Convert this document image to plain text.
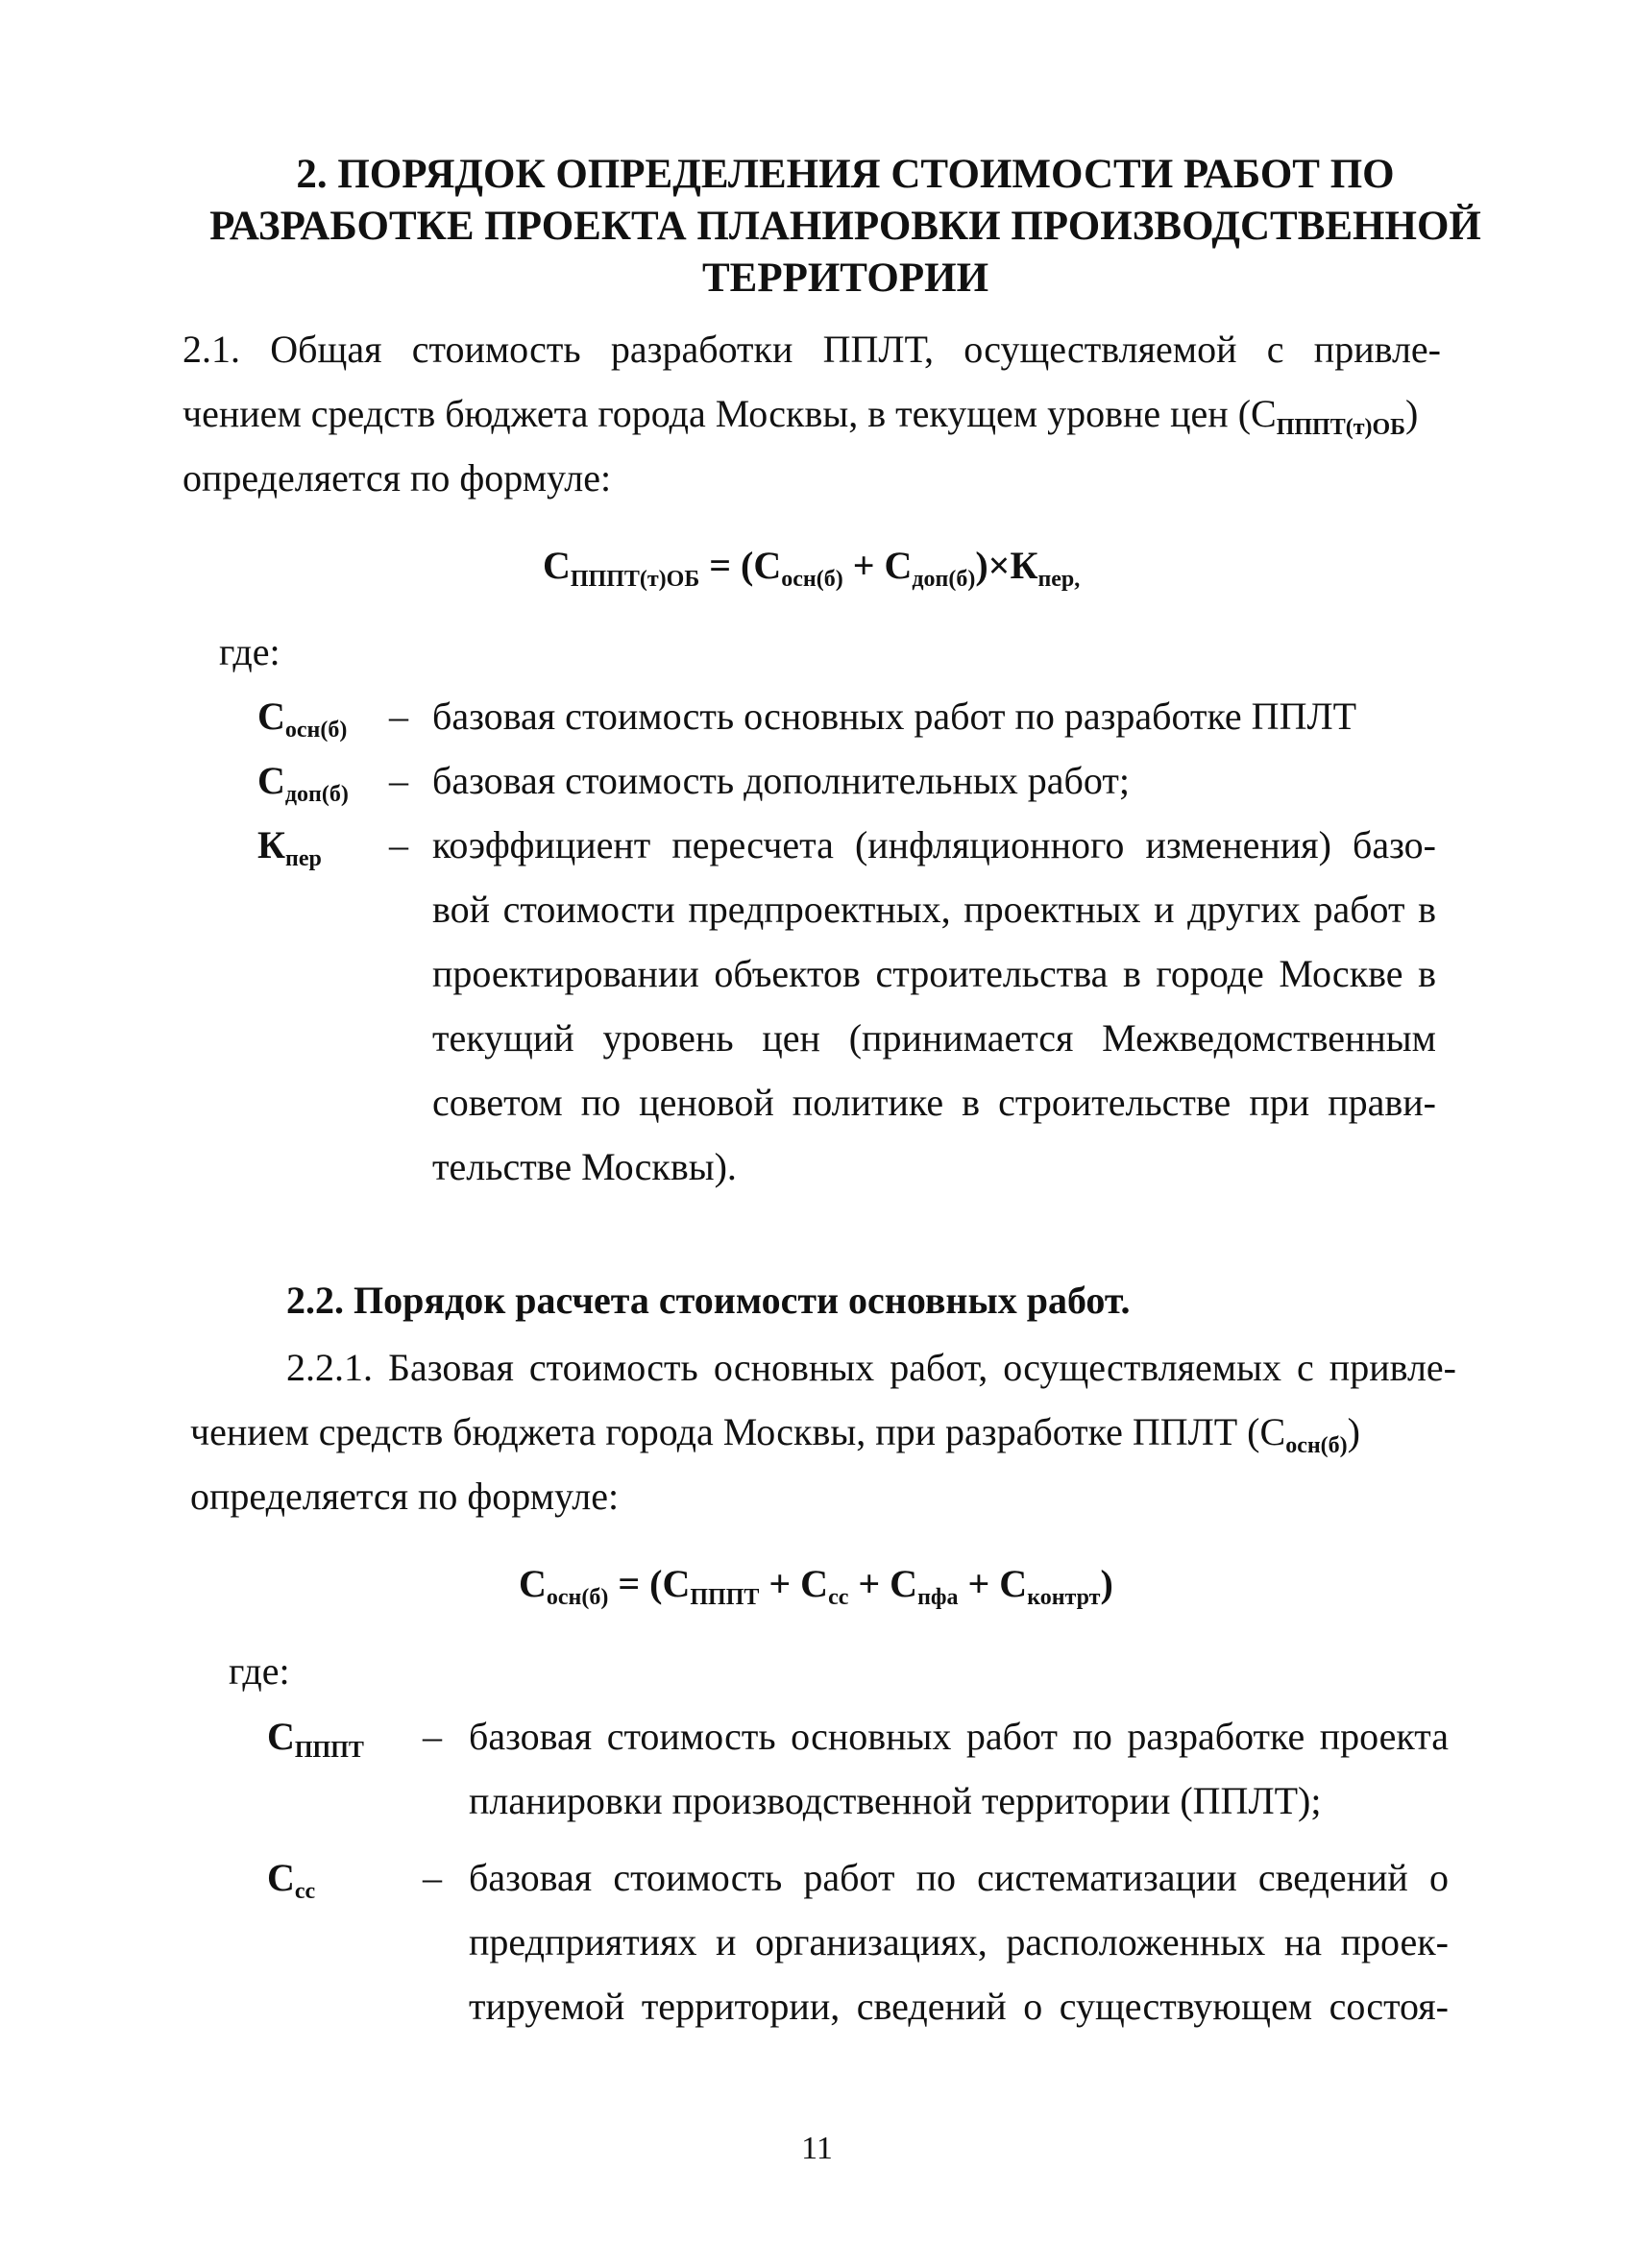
2. ПОРЯДОК ОПРЕДЕЛЕНИЯ СТОИМОСТИ РАБОТ ПО
РАЗРАБОТКЕ ПРОЕКТА ПЛАНИРОВКИ ПРОИЗВОДСТВЕННОЙ
ТЕРРИТОРИИ
2.1. Общая стоимость разработки ППЛТ, осуществляемой с привле-
чением средств бюджета города Москвы, в текущем уровне цен $(С_{ПППТ(т)ОБ})$
определяется по формуле:
$С_{ПППТ(т)ОБ} = (С_{осн(б)} + С_{доп(б)})\times К_{пер,}$
где:
$С_{осн(б)}$ – базовая стоимость основных работ по разработке ППЛТ
$С_{доп(б)}$ – базовая стоимость дополнительных работ;
$К_{пер}$ – коэффициент пересчета (инфляционного изменения) базо-
вой стоимости предпроектных, проектных и других работ в
проектировании объектов строительства в городе Москве в
текущий уровень цен (принимается Межведомственным
советом по ценовой политике в строительстве при прави-
тельстве Москвы).
2.2. Порядок расчета стоимости основных работ.
2.2.1. Базовая стоимость основных работ, осуществляемых с привле-
чением средств бюджета города Москвы, при разработке ППЛТ $(С_{осн(б)})$
определяется по формуле:
$С_{осн(б)} = (С_{ПППТ} + С_{сс} + С_{пфа} + С_{контрт})$
где:
$С_{ПППТ}$ – базовая стоимость основных работ по разработке проекта
планировки производственной территории (ППЛТ);
$С_{сс}$	– базовая стоимость работ по систематизации сведений о
предприятиях и организациях, расположенных на проек-
тируемой территории, сведений о существующем состоя-
11
